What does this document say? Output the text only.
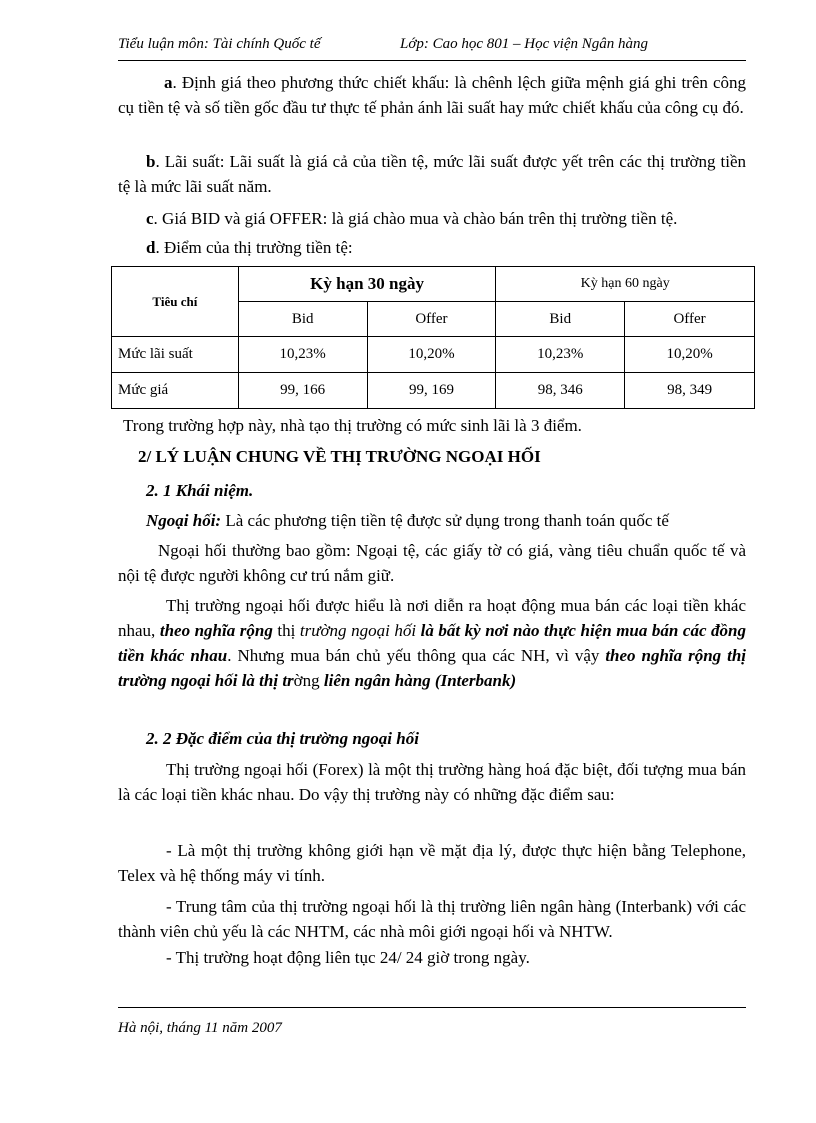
Tiểu luận môn: Tài chính Quốc tế	Lớp: Cao học 801 – Học viện Ngân hàng

a. Định giá theo phương thức chiết khấu: là chênh lệch giữa mệnh giá ghi trên công cụ tiền tệ và số tiền gốc đầu tư thực tế phản ánh lãi suất hay mức chiết khấu của công cụ đó.

b. Lãi suất: Lãi suất là giá cả của tiền tệ, mức lãi suất được yết trên các thị trường tiền tệ là mức lãi suất năm.

c. Giá BID và giá OFFER: là giá chào mua và chào bán trên thị trường tiền tệ.

d. Điểm của thị trường tiền tệ:

Tiêu chí	Kỳ hạn 30 ngày		Kỳ hạn 60 ngày	
	Bid	Offer	Bid	Offer
Mức lãi suất	10,23%	10,20%	10,23%	10,20%
Mức giá	99, 166	99, 169	98, 346	98, 349

Trong trường hợp này, nhà tạo thị trường có mức sinh lãi là 3 điểm.

2/ LÝ LUẬN CHUNG VỀ THỊ TRƯỜNG NGOẠI HỐI

2. 1 Khái niệm.

Ngoại hối: Là các phương tiện tiền tệ được sử dụng trong thanh toán quốc tế

Ngoại hối thường bao gồm: Ngoại tệ, các giấy tờ có giá, vàng tiêu chuẩn quốc tế và nội tệ được người không cư trú nắm giữ.

Thị trường ngoại hối được hiểu là nơi diễn ra hoạt động mua bán các loại tiền khác nhau, theo nghĩa rộng thị trường ngoại hối là bất kỳ nơi nào thực hiện mua bán các đồng tiền khác nhau. Nhưng mua bán chủ yếu thông qua các NH, vì vậy theo nghĩa rộng thị trường ngoại hối là thị trờng liên ngân hàng (Interbank)

2. 2 Đặc điểm của thị trường ngoại hối

Thị trường ngoại hối (Forex) là một thị trường hàng hoá đặc biệt, đối tượng mua bán là các loại tiền khác nhau. Do vậy thị trường này có những đặc điểm sau:

- Là một thị trường không giới hạn về mặt địa lý, được thực hiện bằng Telephone, Telex và hệ thống máy vi tính.

- Trung tâm của thị trường ngoại hối là thị trường liên ngân hàng (Interbank) với các thành viên chủ yếu là các NHTM, các nhà môi giới ngoại hối và NHTW.

- Thị trường hoạt động liên tục 24/ 24 giờ trong ngày.

Hà nội, tháng 11 năm 2007
